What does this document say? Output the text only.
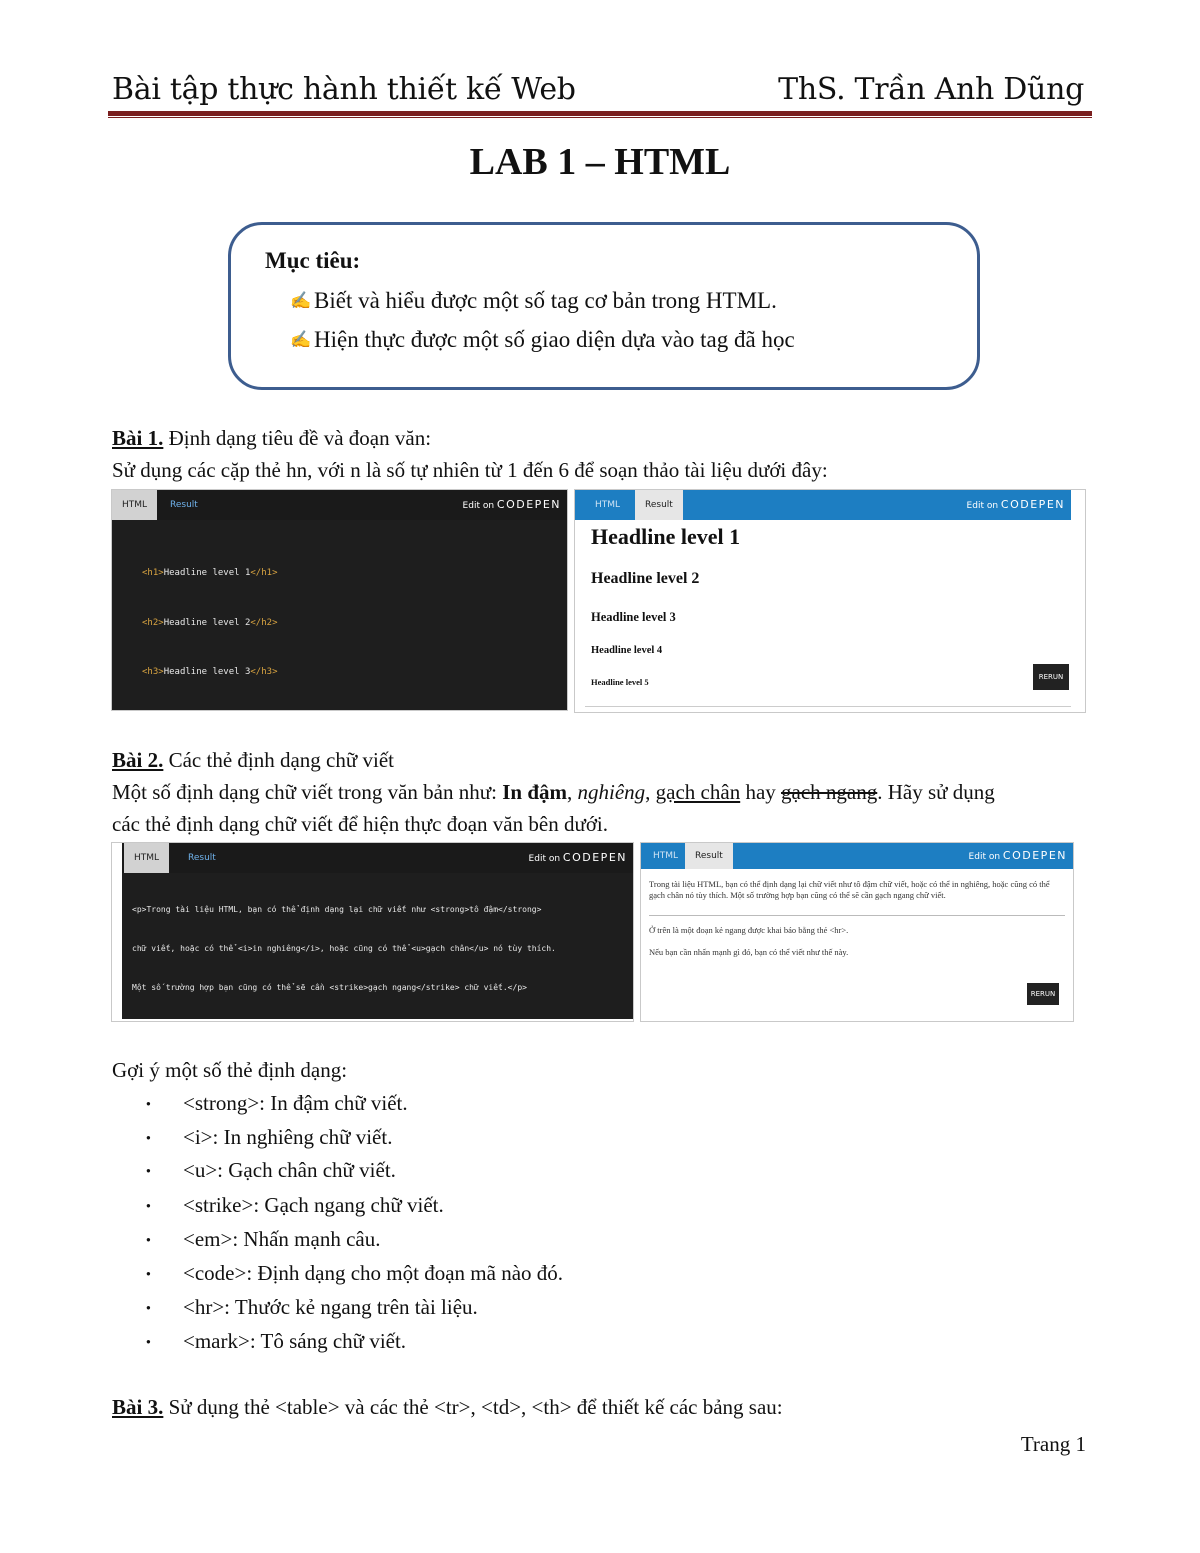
Bài tập thực hành thiết kế Web	ThS. Trần Anh Dũng
LAB 1 – HTML
Mục tiêu:
✍ Biết và hiểu được một số tag cơ bản trong HTML.
✍ Hiện thực được một số giao diện dựa vào tag đã học
Bài 1. Định dạng tiêu đề và đoạn văn:
Sử dụng các cặp thẻ hn, với n là số tự nhiên từ 1 đến 6 để soạn thảo tài liệu dưới đây:
HTML	Result	Edit on CODEPEN

<h1>Headline level 1</h1>

<h2>Headline level 2</h2>

<h3>Headline level 3</h3>

HTML	Result	Edit on CODEPEN
Headline level 1
Headline level 2
Headline level 3
Headline level 4
Headline level 5	RERUN
Bài 2. Các thẻ định dạng chữ viết
Một số định dạng chữ viết trong văn bản như: In đậm, nghiêng, gạch chân hay gạch ngang. Hãy sử dụng
các thẻ định dạng chữ viết để hiện thực đoạn văn bên dưới.
HTML	Result	Edit on CODEPEN

<p>Trong tài liệu HTML, bạn có thể định dạng lại chữ viết như <strong>tô đậm</strong>

chữ viết, hoặc có thể <i>in nghiêng</i>, hoặc cũng có thể <u>gạch chân</u> nó tùy thích.

Một số trường hợp bạn cũng có thể sẽ cần <strike>gạch ngang</strike> chữ viết.</p>

HTML	Result	Edit on CODEPEN
Trong tài liệu HTML, bạn có thể định dạng lại chữ viết như tô đậm chữ viết, hoặc có thể in nghiêng, hoặc cũng có thể gạch chân nó tùy thích. Một số trường hợp bạn cũng có thể sẽ cần gạch ngang chữ viết.
Ở trên là một đoạn kẻ ngang được khai báo bằng thẻ <hr>.
Nếu bạn cần nhấn mạnh gì đó, bạn có thể viết như thế này.
RERUN
Gợi ý một số thẻ định dạng:
● <strong>: In đậm chữ viết.
● <i>: In nghiêng chữ viết.
● <u>: Gạch chân chữ viết.
● <strike>: Gạch ngang chữ viết.
● <em>: Nhấn mạnh câu.
● <code>: Định dạng cho một đoạn mã nào đó.
● <hr>: Thước kẻ ngang trên tài liệu.
● <mark>: Tô sáng chữ viết.
Bài 3. Sử dụng thẻ <table> và các thẻ <tr>, <td>, <th> để thiết kế các bảng sau:
Trang 1
